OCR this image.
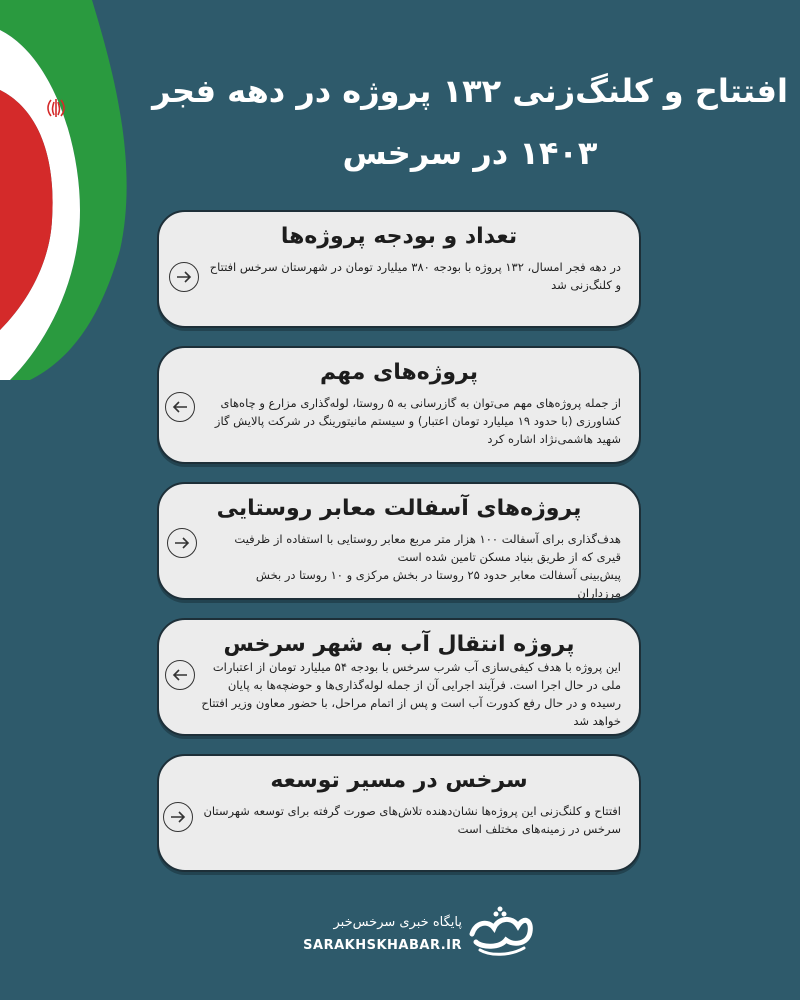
افتتاح و کلنگ‌زنی ۱۳۲ پروژه در دهه فجر ۱۴۰۳ در سرخس
تعداد و بودجه پروژه‌ها

در دهه فجر امسال، ۱۳۲ پروژه با بودجه ۳۸۰ میلیارد تومان در شهرستان سرخس افتتاح و کلنگ‌زنی شد

پروژه‌های مهم

از جمله پروژه‌های مهم می‌توان به گازرسانی به ۵ روستا، لوله‌گذاری مزارع و چاه‌های کشاورزی (با حدود ۱۹ میلیارد تومان اعتبار) و سیستم مانیتورینگ در شرکت پالایش گاز شهید هاشمی‌نژاد اشاره کرد

پروژه‌های آسفالت معابر روستایی

هدف‌گذاری برای آسفالت ۱۰۰ هزار متر مربع معابر روستایی با استفاده از ظرفیت قیری که از طریق بنیاد مسکن تامین شده است
پیش‌بینی آسفالت معابر حدود ۲۵ روستا در بخش مرکزی و ۱۰ روستا در بخش مرزداران

پروژه انتقال آب به شهر سرخس

این پروژه با هدف کیفی‌سازی آب شرب سرخس با بودجه ۵۴ میلیارد تومان از اعتبارات ملی در حال اجرا است. فرآیند اجرایی آن از جمله لوله‌گذاری‌ها و حوضچه‌ها به پایان رسیده و در حال رفع کدورت آب است و پس از اتمام مراحل، با حضور معاون وزیر افتتاح خواهد شد

سرخس در مسیر توسعه

افتتاح و کلنگ‌زنی این پروژه‌ها نشان‌دهنده تلاش‌های صورت گرفته برای توسعه شهرستان سرخس در زمینه‌های مختلف است

پایگاه خبری سرخس‌خبر
SARAKHSKHABAR.IR
